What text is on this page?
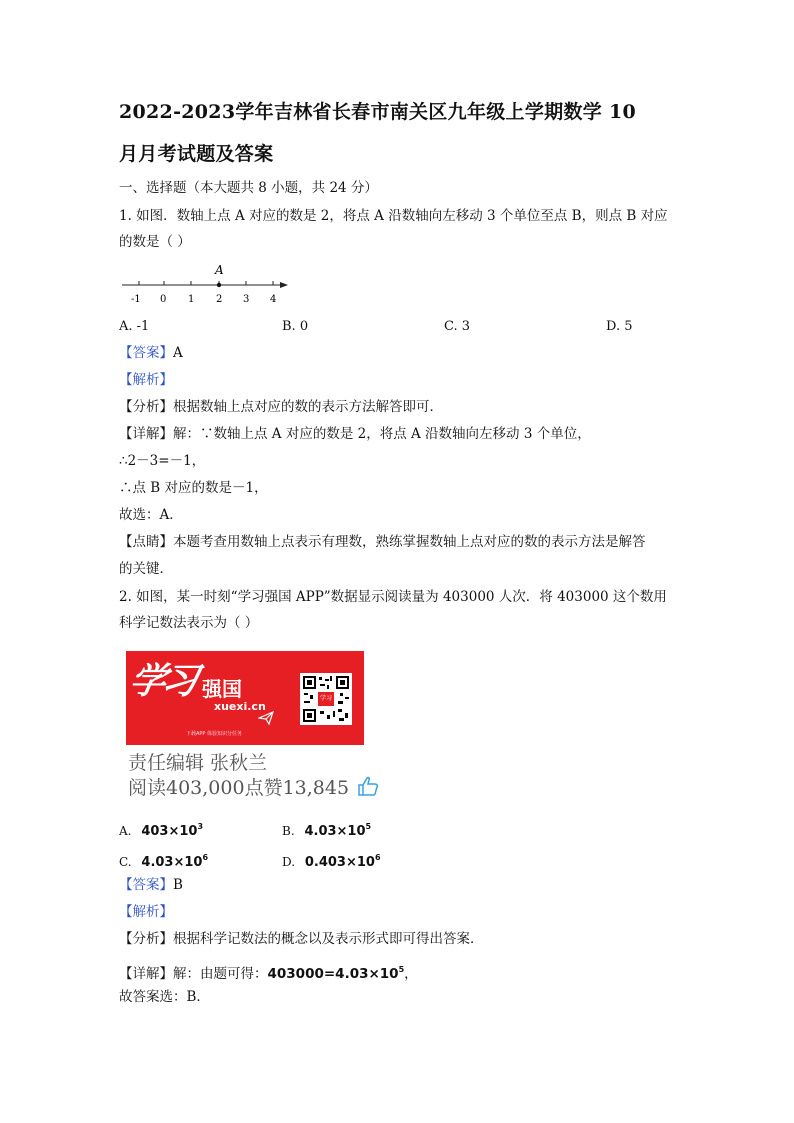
2022-2023学年吉林省长春市南关区九年级上学期数学 10
月月考试题及答案
一、选择题（本大题共 8 小题，共 24 分）
1. 如图．数轴上点 A 对应的数是 2，将点 A 沿数轴向左移动 3 个单位至点 B，则点 B 对应
的数是（ ）
A
-1 0 1 2 3 4
A. -1	B. 0	C. 3	D. 5
【答案】A
【解析】
【分析】根据数轴上点对应的数的表示方法解答即可．
【详解】解：∵数轴上点 A 对应的数是 2，将点 A 沿数轴向左移动 3 个单位，
∴2－3=－1，
∴点 B 对应的数是－1，
故选：A．
【点睛】本题考查用数轴上点表示有理数，熟练掌握数轴上点对应的数的表示方法是解答
的关键．
2. 如图，某一时刻“学习强国 APP”数据显示阅读量为 403000 人次．将 403000 这个数用
科学记数法表示为（ ）
学习 强国
xuexi.cn
下载APP 体验知识分任务
学习
责任编辑 张秋兰
阅读403,000点赞13,845
A. $403\times 10^3$	B. $4.03\times 10^5$
C. $4.03\times 10^6$	D. $0.403\times 10^6$
【答案】B
【解析】
【分析】根据科学记数法的概念以及表示形式即可得出答案．
【详解】解：由题可得：$403000=4.03\times 10^5$，
故答案选：B．
